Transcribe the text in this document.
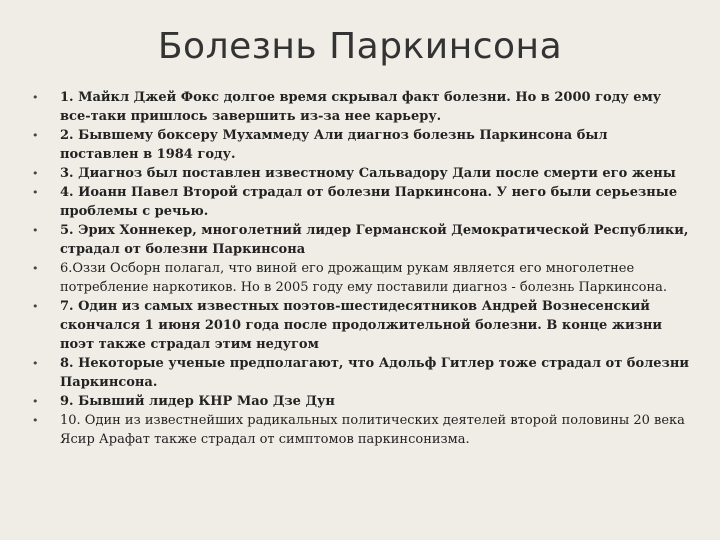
Болезнь Паркинсона
• 1. Майкл Джей Фокс долгое время скрывал факт болезни. Но в 2000 году ему все-таки пришлось завершить из-за нее карьеру.
• 2. Бывшему боксеру Мухаммеду Али диагноз болезнь Паркинсона был поставлен в 1984 году.
• 3. Диагноз был поставлен известному Сальвадору Дали после смерти его жены
• 4. Иоанн Павел Второй страдал от болезни Паркинсона. У него были серьезные проблемы с речью.
• 5. Эрих Хоннекер, многолетний лидер Германской Демократической Республики, страдал от болезни Паркинсона
• 6.Оззи Осборн полагал, что виной его дрожащим рукам является его многолетнее потребление наркотиков. Но в 2005 году ему поставили диагноз - болезнь Паркинсона.
• 7. Один из самых известных поэтов-шестидесятников Андрей Вознесенский скончался 1 июня 2010 года после продолжительной болезни. В конце жизни поэт также страдал этим недугом
• 8. Некоторые ученые предполагают, что Адольф Гитлер тоже страдал от болезни Паркинсона.
• 9. Бывший лидер КНР Мао Дзе Дун
• 10. Один из известнейших радикальных политических деятелей второй половины 20 века Ясир Арафат также страдал от симптомов паркинсонизма.
